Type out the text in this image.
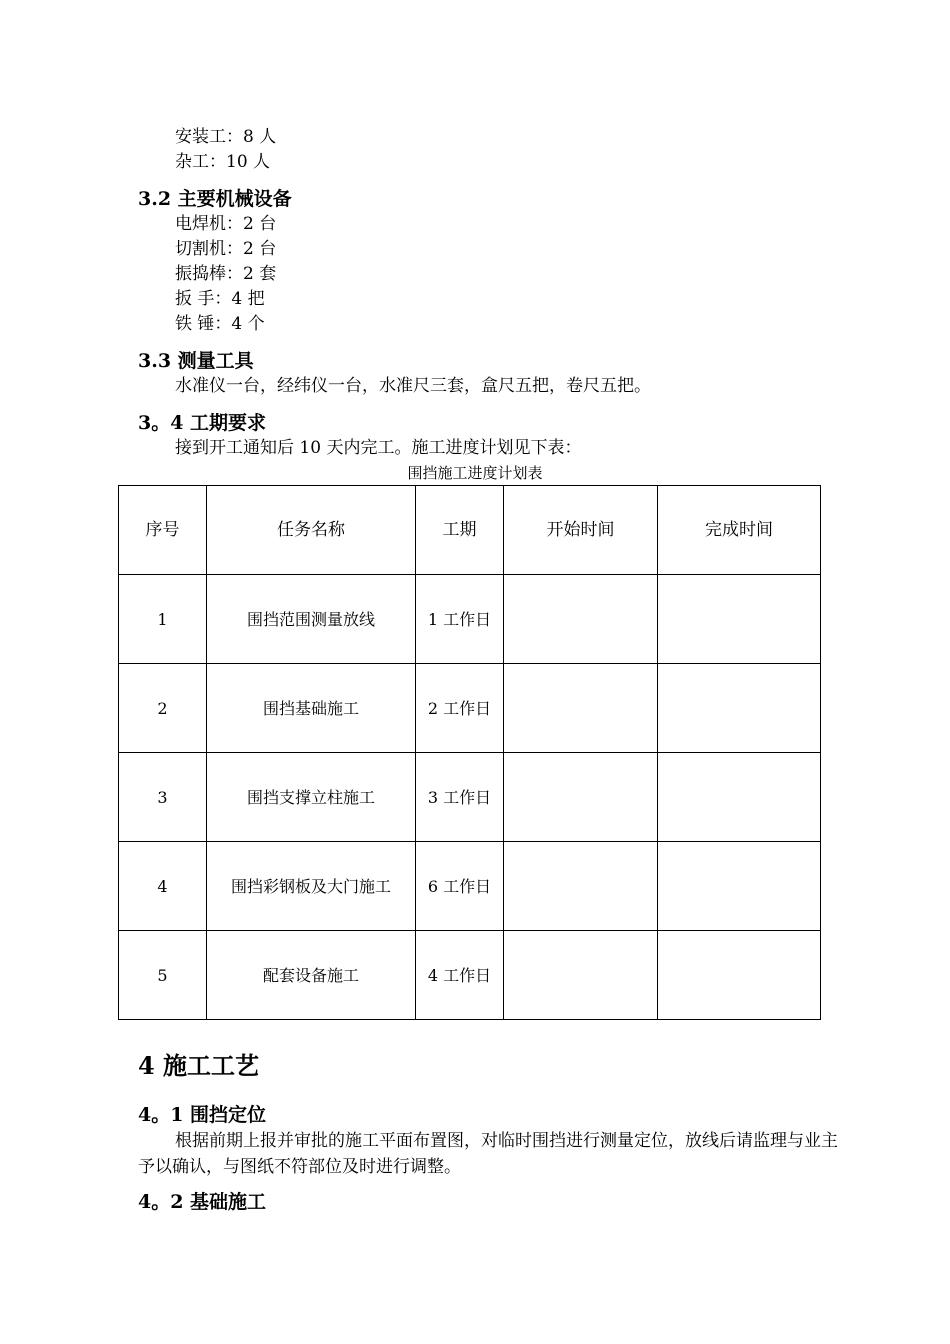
安装工：8 人
杂工：10 人
3.2 主要机械设备
电焊机：2 台
切割机：2 台
振捣棒：2 套
扳 手：4 把
铁 锤：4 个
3.3 测量工具
水准仪一台，经纬仪一台，水准尺三套，盒尺五把，卷尺五把。
3。4 工期要求
接到开工通知后 10 天内完工。施工进度计划见下表：
围挡施工进度计划表
序号	任务名称	工期	开始时间	完成时间
1	围挡范围测量放线	1 工作日		
2	围挡基础施工	2 工作日		
3	围挡支撑立柱施工	3 工作日		
4	围挡彩钢板及大门施工	6 工作日		
5	配套设备施工	4 工作日		
4 施工工艺
4。1 围挡定位
根据前期上报并审批的施工平面布置图，对临时围挡进行测量定位，放线后请监理与业主予以确认，与图纸不符部位及时进行调整。
4。2 基础施工
